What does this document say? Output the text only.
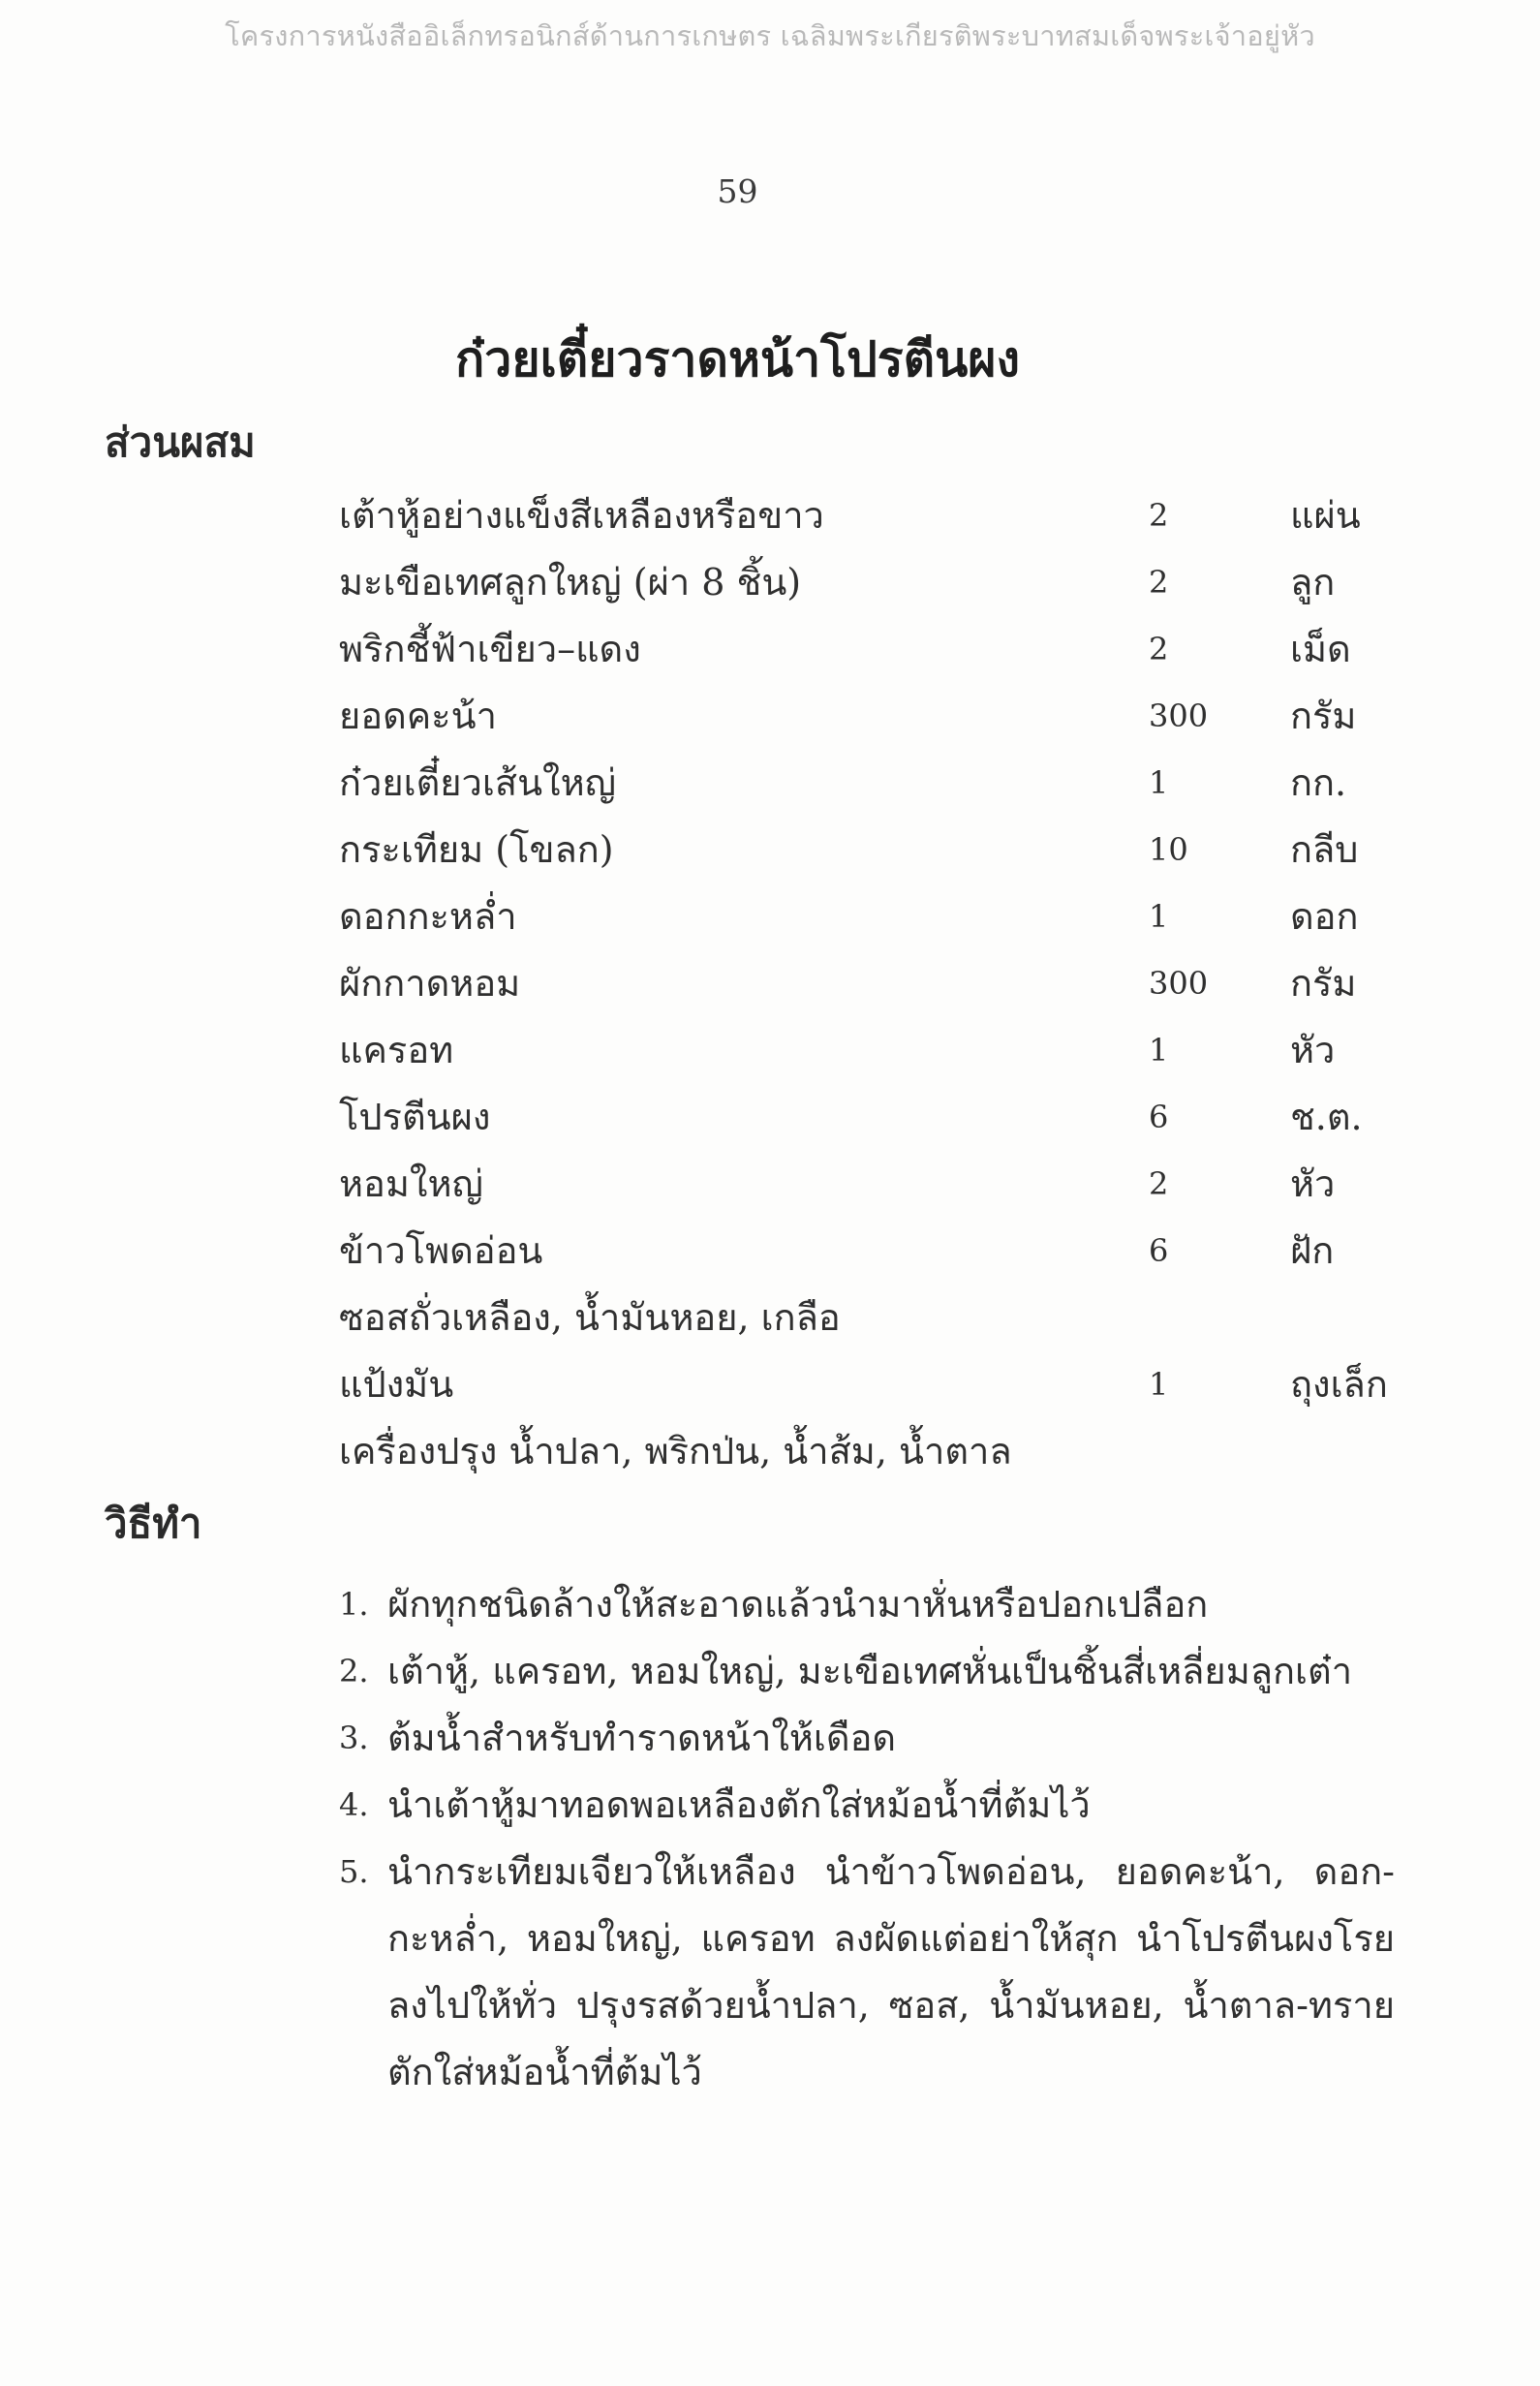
โครงการหนังสืออิเล็กทรอนิกส์ด้านการเกษตร เฉลิมพระเกียรติพระบาทสมเด็จพระเจ้าอยู่หัว
59
ก๋วยเตี๋ยวราดหน้าโปรตีนผง
ส่วนผสม
เต้าหู้อย่างแข็งสีเหลืองหรือขาว	2	แผ่น
มะเขือเทศลูกใหญ่ (ผ่า 8 ชิ้น)	2	ลูก
พริกชี้ฟ้าเขียว–แดง	2	เม็ด
ยอดคะน้า	300 กรัม
ก๋วยเตี๋ยวเส้นใหญ่	1	กก.
กระเทียม (โขลก)	10	กลีบ
ดอกกะหล่ำ	1	ดอก
ผักกาดหอม	300 กรัม
แครอท	1	หัว
โปรตีนผง	6	ช.ต.
หอมใหญ่	2	หัว
ข้าวโพดอ่อน	6	ฝัก
ซอสถั่วเหลือง, น้ำมันหอย, เกลือ
แป้งมัน	1	ถุงเล็ก
เครื่องปรุง น้ำปลา, พริกป่น, น้ำส้ม, น้ำตาล
วิธีทำ
1. ผักทุกชนิดล้างให้สะอาดแล้วนำมาหั่นหรือปอกเปลือก
2. เต้าหู้, แครอท, หอมใหญ่, มะเขือเทศหั่นเป็นชิ้นสี่เหลี่ยมลูกเต๋า
3. ต้มน้ำสำหรับทำราดหน้าให้เดือด
4. นำเต้าหู้มาทอดพอเหลืองตักใส่หม้อน้ำที่ต้มไว้
5. นำกระเทียมเจียวให้เหลือง นำข้าวโพดอ่อน, ยอดคะน้า, ดอก-กะหล่ำ, หอมใหญ่, แครอท ลงผัดแต่อย่าให้สุก นำโปรตีนผงโรยลงไปให้ทั่ว ปรุงรสด้วยน้ำปลา, ซอส, น้ำมันหอย, น้ำตาล-ทราย ตักใส่หม้อน้ำที่ต้มไว้
